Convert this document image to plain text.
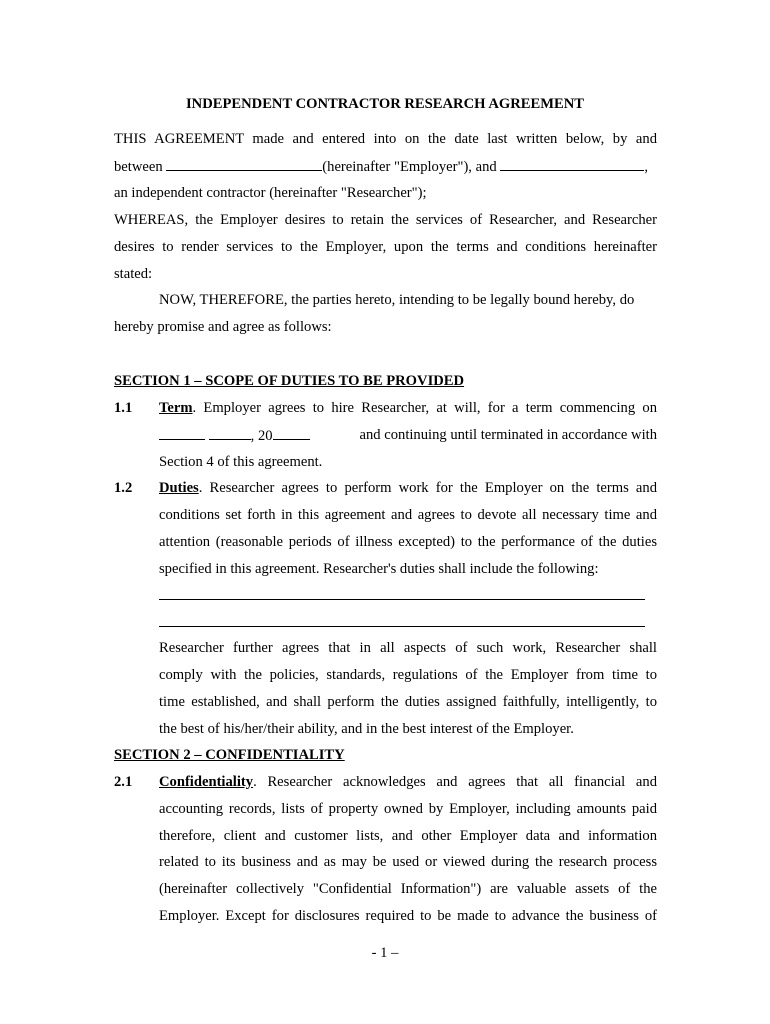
INDEPENDENT CONTRACTOR RESEARCH AGREEMENT
THIS AGREEMENT made and entered into on the date last written below, by and
between	(hereinafter "Employer"), and	,
an independent contractor (hereinafter "Researcher");
WHEREAS, the Employer desires to retain the services of Researcher, and Researcher
desires to render services to the Employer, upon the terms and conditions hereinafter
stated:
NOW, THEREFORE, the parties hereto, intending to be legally bound hereby, do
hereby promise and agree as follows:
SECTION 1 – SCOPE OF DUTIES TO BE PROVIDED
1.1 Term. Employer agrees to hire Researcher, at will, for a term commencing on
, 20	and continuing until terminated in accordance with
Section 4 of this agreement.
1.2 Duties. Researcher agrees to perform work for the Employer on the terms and
conditions set forth in this agreement and agrees to devote all necessary time and
attention (reasonable periods of illness excepted) to the performance of the duties
specified in this agreement. Researcher's duties shall include the following:
Researcher further agrees that in all aspects of such work, Researcher shall
comply with the policies, standards, regulations of the Employer from time to
time established, and shall perform the duties assigned faithfully, intelligently, to
the best of his/her/their ability, and in the best interest of the Employer.
SECTION 2 – CONFIDENTIALITY
2.1 Confidentiality. Researcher acknowledges and agrees that all financial and
accounting records, lists of property owned by Employer, including amounts paid
therefore, client and customer lists, and other Employer data and information
related to its business and as may be used or viewed during the research process
(hereinafter collectively "Confidential Information") are valuable assets of the
Employer. Except for disclosures required to be made to advance the business of
- 1 –
